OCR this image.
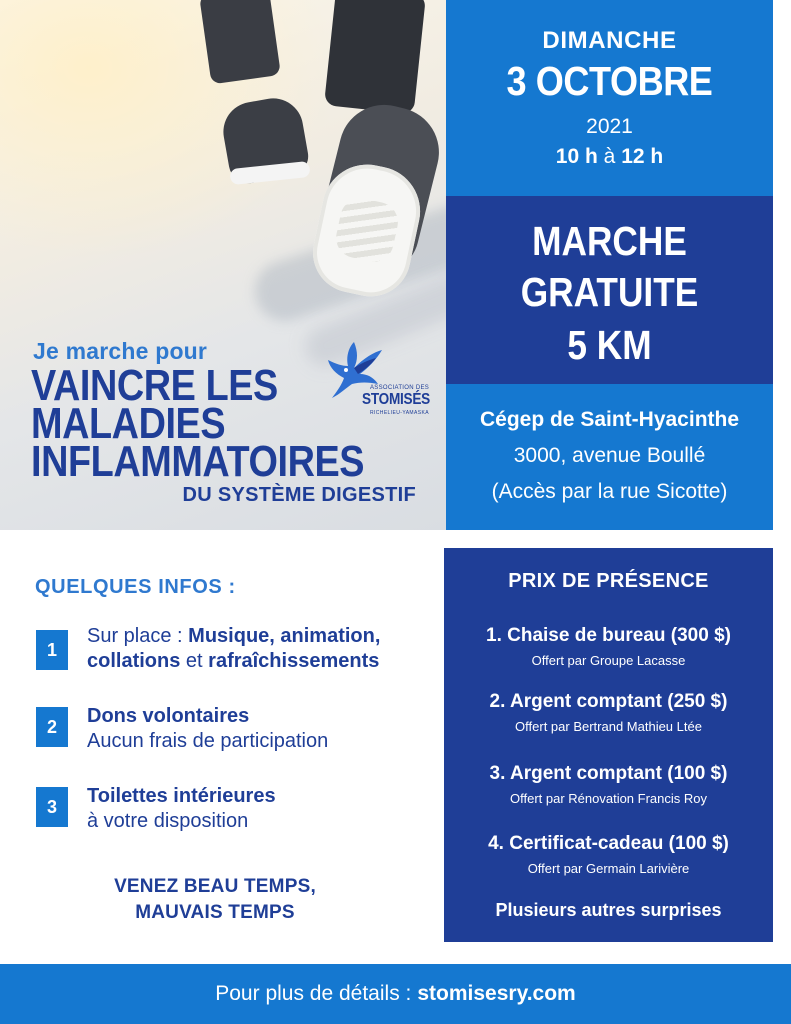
Je marche pour
VAINCRE LES
MALADIES
INFLAMMATOIRES
DU SYSTÈME DIGESTIF
ASSOCIATION DES
STOMISÉS
RICHELIEU-YAMASKA
DIMANCHE
3 OCTOBRE
2021
10 h à 12 h
MARCHE
GRATUITE
5 KM
Cégep de Saint-Hyacinthe
3000, avenue Boullé
(Accès par la rue Sicotte)
QUELQUES INFOS :
1
Sur place : Musique, animation,
collations et rafraîchissements
2	Dons volontaires
Aucun frais de participation
3	Toilettes intérieures
à votre disposition
VENEZ BEAU TEMPS,
MAUVAIS TEMPS
PRIX DE PRÉSENCE
1. Chaise de bureau (300 $)
Offert par Groupe Lacasse
2. Argent comptant (250 $)
Offert par Bertrand Mathieu Ltée
3. Argent comptant (100 $)
Offert par Rénovation Francis Roy
4. Certificat-cadeau (100 $)
Offert par Germain Larivière
Plusieurs autres surprises
Pour plus de détails : stomisesry.com
